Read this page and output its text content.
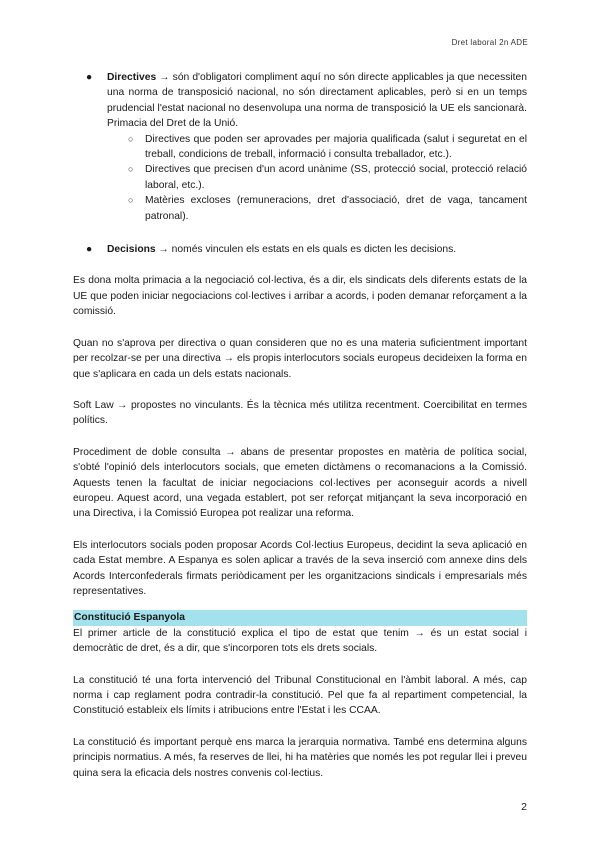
Dret laboral 2n ADE
● Directives → són d'obligatori compliment aquí no són directe applicables ja que necessiten una norma de transposició nacional, no són directament aplicables, però si en un temps prudencial l'estat nacional no desenvolupa una norma de transposició la UE els sancionarà. Primacia del Dret de la Unió.

○ Directives que poden ser aprovades per majoria qualificada (salut i seguretat en el treball, condicions de treball, informació i consulta treballador, etc.).
○ Directives que precisen d'un acord unànime (SS, protecció social, protecció relació laboral, etc.).
○ Matèries excloses (remuneracions, dret d'associació, dret de vaga, tancament patronal).
● Decisions → només vinculen els estats en els quals es dicten les decisions.

Es dona molta primacia a la negociació col·lectiva, és a dir, els sindicats dels diferents estats de la UE que poden iniciar negociacions col·lectives i arribar a acords, i poden demanar reforçament a la comissió.

Quan no s'aprova per directiva o quan consideren que no es una materia suficientment important per recolzar-se per una directiva → els propis interlocutors socials europeus decideixen la forma en que s'aplicara en cada un dels estats nacionals.

Soft Law → propostes no vinculants. És la tècnica més utilitza recentment. Coercibilitat en termes polítics.

Procediment de doble consulta → abans de presentar propostes en matèria de política social, s'obté l'opinió dels interlocutors socials, que emeten dictàmens o recomanacions a la Comissió. Aquests tenen la facultat de iniciar negociacions col·lectives per aconseguir acords a nivell europeu. Aquest acord, una vegada establert, pot ser reforçat mitjançant la seva incorporació en una Directiva, i la Comissió Europea pot realizar una reforma.

Els interlocutors socials poden proposar Acords Col·lectius Europeus, decidint la seva aplicació en cada Estat membre. A Espanya es solen aplicar a través de la seva inserció com annexe dins dels Acords Interconfederals firmats periòdicament per les organitzacions sindicals i empresarials més representatives.

Constitució Espanyola

El primer article de la constitució explica el tipo de estat que tenim → és un estat social i democràtic de dret, és a dir, que s'incorporen tots els drets socials.

La constitució té una forta intervenció del Tribunal Constitucional en l'àmbit laboral. A més, cap norma i cap reglament podra contradir-la constitució. Pel que fa al repartiment competencial, la Constitució estableix els límits i atribucions entre l'Estat i les CCAA.

La constitució és important perquè ens marca la jerarquia normativa. També ens determina alguns principis normatius. A més, fa reserves de llei, hi ha matèries que només les pot regular llei i preveu quina sera la eficacia dels nostres convenis col·lectius.

2
